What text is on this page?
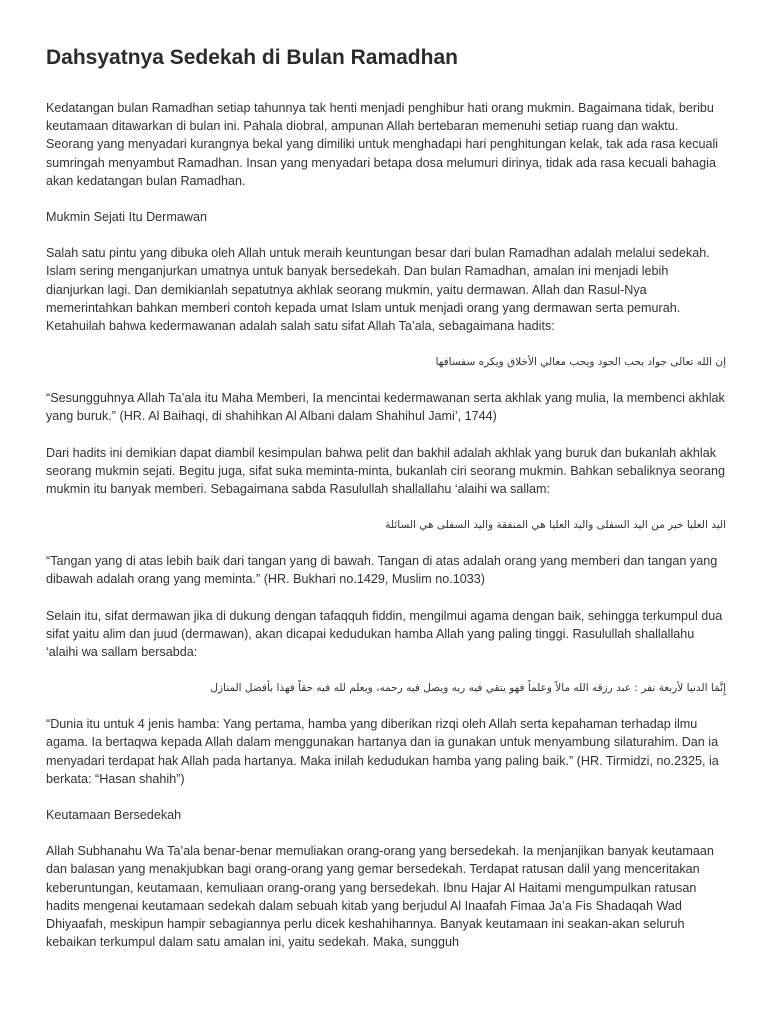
Dahsyatnya Sedekah di Bulan Ramadhan

Kedatangan bulan Ramadhan setiap tahunnya tak henti menjadi penghibur hati orang mukmin. Bagaimana tidak, beribu keutamaan ditawarkan di bulan ini. Pahala diobral, ampunan Allah bertebaran memenuhi setiap ruang dan waktu. Seorang yang menyadari kurangnya bekal yang dimiliki untuk menghadapi hari penghitungan kelak, tak ada rasa kecuali sumringah menyambut Ramadhan. Insan yang menyadari betapa dosa melumuri dirinya, tidak ada rasa kecuali bahagia akan kedatangan bulan Ramadhan.

Mukmin Sejati Itu Dermawan

Salah satu pintu yang dibuka oleh Allah untuk meraih keuntungan besar dari bulan Ramadhan adalah melalui sedekah. Islam sering menganjurkan umatnya untuk banyak bersedekah. Dan bulan Ramadhan, amalan ini menjadi lebih dianjurkan lagi. Dan demikianlah sepatutnya akhlak seorang mukmin, yaitu dermawan. Allah dan Rasul-Nya memerintahkan bahkan memberi contoh kepada umat Islam untuk menjadi orang yang dermawan serta pemurah. Ketahuilah bahwa kedermawanan adalah salah satu sifat Allah Ta’ala, sebagaimana hadits:

إن الله تعالى جواد يحب الجود ويحب معالي الأخلاق ويكره سفسافها

“Sesungguhnya Allah Ta’ala itu Maha Memberi, Ia mencintai kedermawanan serta akhlak yang mulia, Ia membenci akhlak yang buruk.” (HR. Al Baihaqi, di shahihkan Al Albani dalam Shahihul Jami’, 1744)

Dari hadits ini demikian dapat diambil kesimpulan bahwa pelit dan bakhil adalah akhlak yang buruk dan bukanlah akhlak seorang mukmin sejati. Begitu juga, sifat suka meminta-minta, bukanlah ciri seorang mukmin. Bahkan sebaliknya seorang mukmin itu banyak memberi. Sebagaimana sabda Rasulullah shallallahu ‘alaihi wa sallam:

اليد العليا خير من اليد السفلى واليد العليا هي المنفقة واليد السفلى هي السائلة

“Tangan yang di atas lebih baik dari tangan yang di bawah. Tangan di atas adalah orang yang memberi dan tangan yang dibawah adalah orang yang meminta.” (HR. Bukhari no.1429, Muslim no.1033)

Selain itu, sifat dermawan jika di dukung dengan tafaqquh fiddin, mengilmui agama dengan baik, sehingga terkumpul dua sifat yaitu alim dan juud (dermawan), akan dicapai kedudukan hamba Allah yang paling tinggi. Rasulullah shallallahu ‘alaihi wa sallam bersabda:

إِنَّمَا الدنيا لأربعة نفر : عبد رزقه الله مالاً وعلماً فهو يتقي فيه ربه ويصل فيه رحمه، ويعلم لله فيه حقاً فهذا بأفضل المنازل

“Dunia itu untuk 4 jenis hamba: Yang pertama, hamba yang diberikan rizqi oleh Allah serta kepahaman terhadap ilmu agama. Ia bertaqwa kepada Allah dalam menggunakan hartanya dan ia gunakan untuk menyambung silaturahim. Dan ia menyadari terdapat hak Allah pada hartanya. Maka inilah kedudukan hamba yang paling baik.” (HR. Tirmidzi, no.2325, ia berkata: “Hasan shahih”)

Keutamaan Bersedekah

Allah Subhanahu Wa Ta’ala benar-benar memuliakan orang-orang yang bersedekah. Ia menjanjikan banyak keutamaan dan balasan yang menakjubkan bagi orang-orang yang gemar bersedekah. Terdapat ratusan dalil yang menceritakan keberuntungan, keutamaan, kemuliaan orang-orang yang bersedekah. Ibnu Hajar Al Haitami mengumpulkan ratusan hadits mengenai keutamaan sedekah dalam sebuah kitab yang berjudul Al Inaafah Fimaa Ja’a Fis Shadaqah Wad Dhiyaafah, meskipun hampir sebagiannya perlu dicek keshahihannya. Banyak keutamaan ini seakan-akan seluruh kebaikan terkumpul dalam satu amalan ini, yaitu sedekah. Maka, sungguh
